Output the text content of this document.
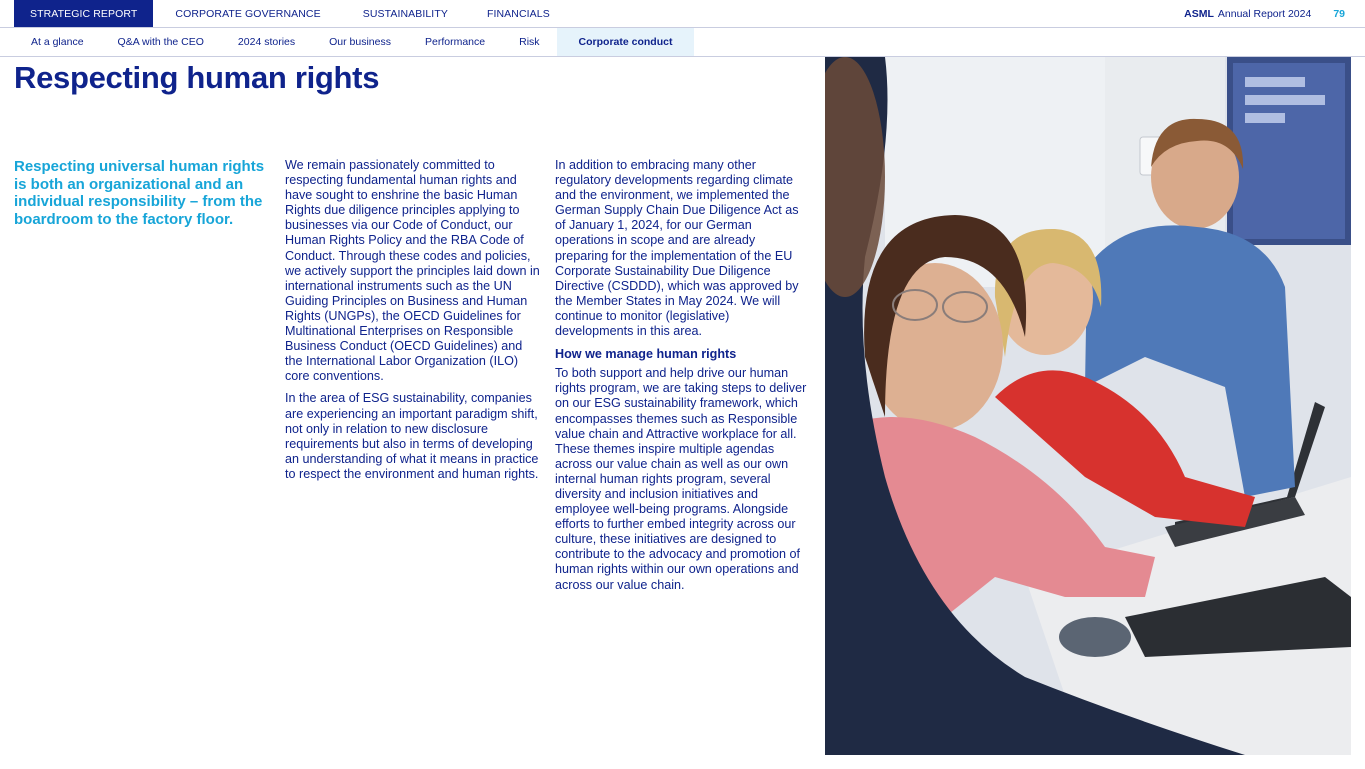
STRATEGIC REPORT	CORPORATE GOVERNANCE	SUSTAINABILITY	FINANCIALS	ASML Annual Report 2024 79
At a glance	Q&A with the CEO	2024 stories	Our business	Performance	Risk	Corporate conduct
Respecting human rights
Respecting universal human rights is both an organizational and an individual responsibility – from the boardroom to the factory floor.

We remain passionately committed to respecting fundamental human rights and have sought to enshrine the basic Human Rights due diligence principles applying to businesses via our Code of Conduct, our Human Rights Policy and the RBA Code of Conduct. Through these codes and policies, we actively support the principles laid down in international instruments such as the UN Guiding Principles on Business and Human Rights (UNGPs), the OECD Guidelines for Multinational Enterprises on Responsible Business Conduct (OECD Guidelines) and the International Labor Organization (ILO) core conventions.

In the area of ESG sustainability, companies are experiencing an important paradigm shift, not only in relation to new disclosure requirements but also in terms of developing an understanding of what it means in practice to respect the environment and human rights.

In addition to embracing many other regulatory developments regarding climate and the environment, we implemented the German Supply Chain Due Diligence Act as of January 1, 2024, for our German operations in scope and are already preparing for the implementation of the EU Corporate Sustainability Due Diligence Directive (CSDDD), which was approved by the Member States in May 2024. We will continue to monitor (legislative) developments in this area.

How we manage human rights

To both support and help drive our human rights program, we are taking steps to deliver on our ESG sustainability framework, which encompasses themes such as Responsible value chain and Attractive workplace for all. These themes inspire multiple agendas across our value chain as well as our own internal human rights program, several diversity and inclusion initiatives and employee well-being programs. Alongside efforts to further embed integrity across our culture, these initiatives are designed to contribute to the advocacy and promotion of human rights within our own operations and across our value chain.
